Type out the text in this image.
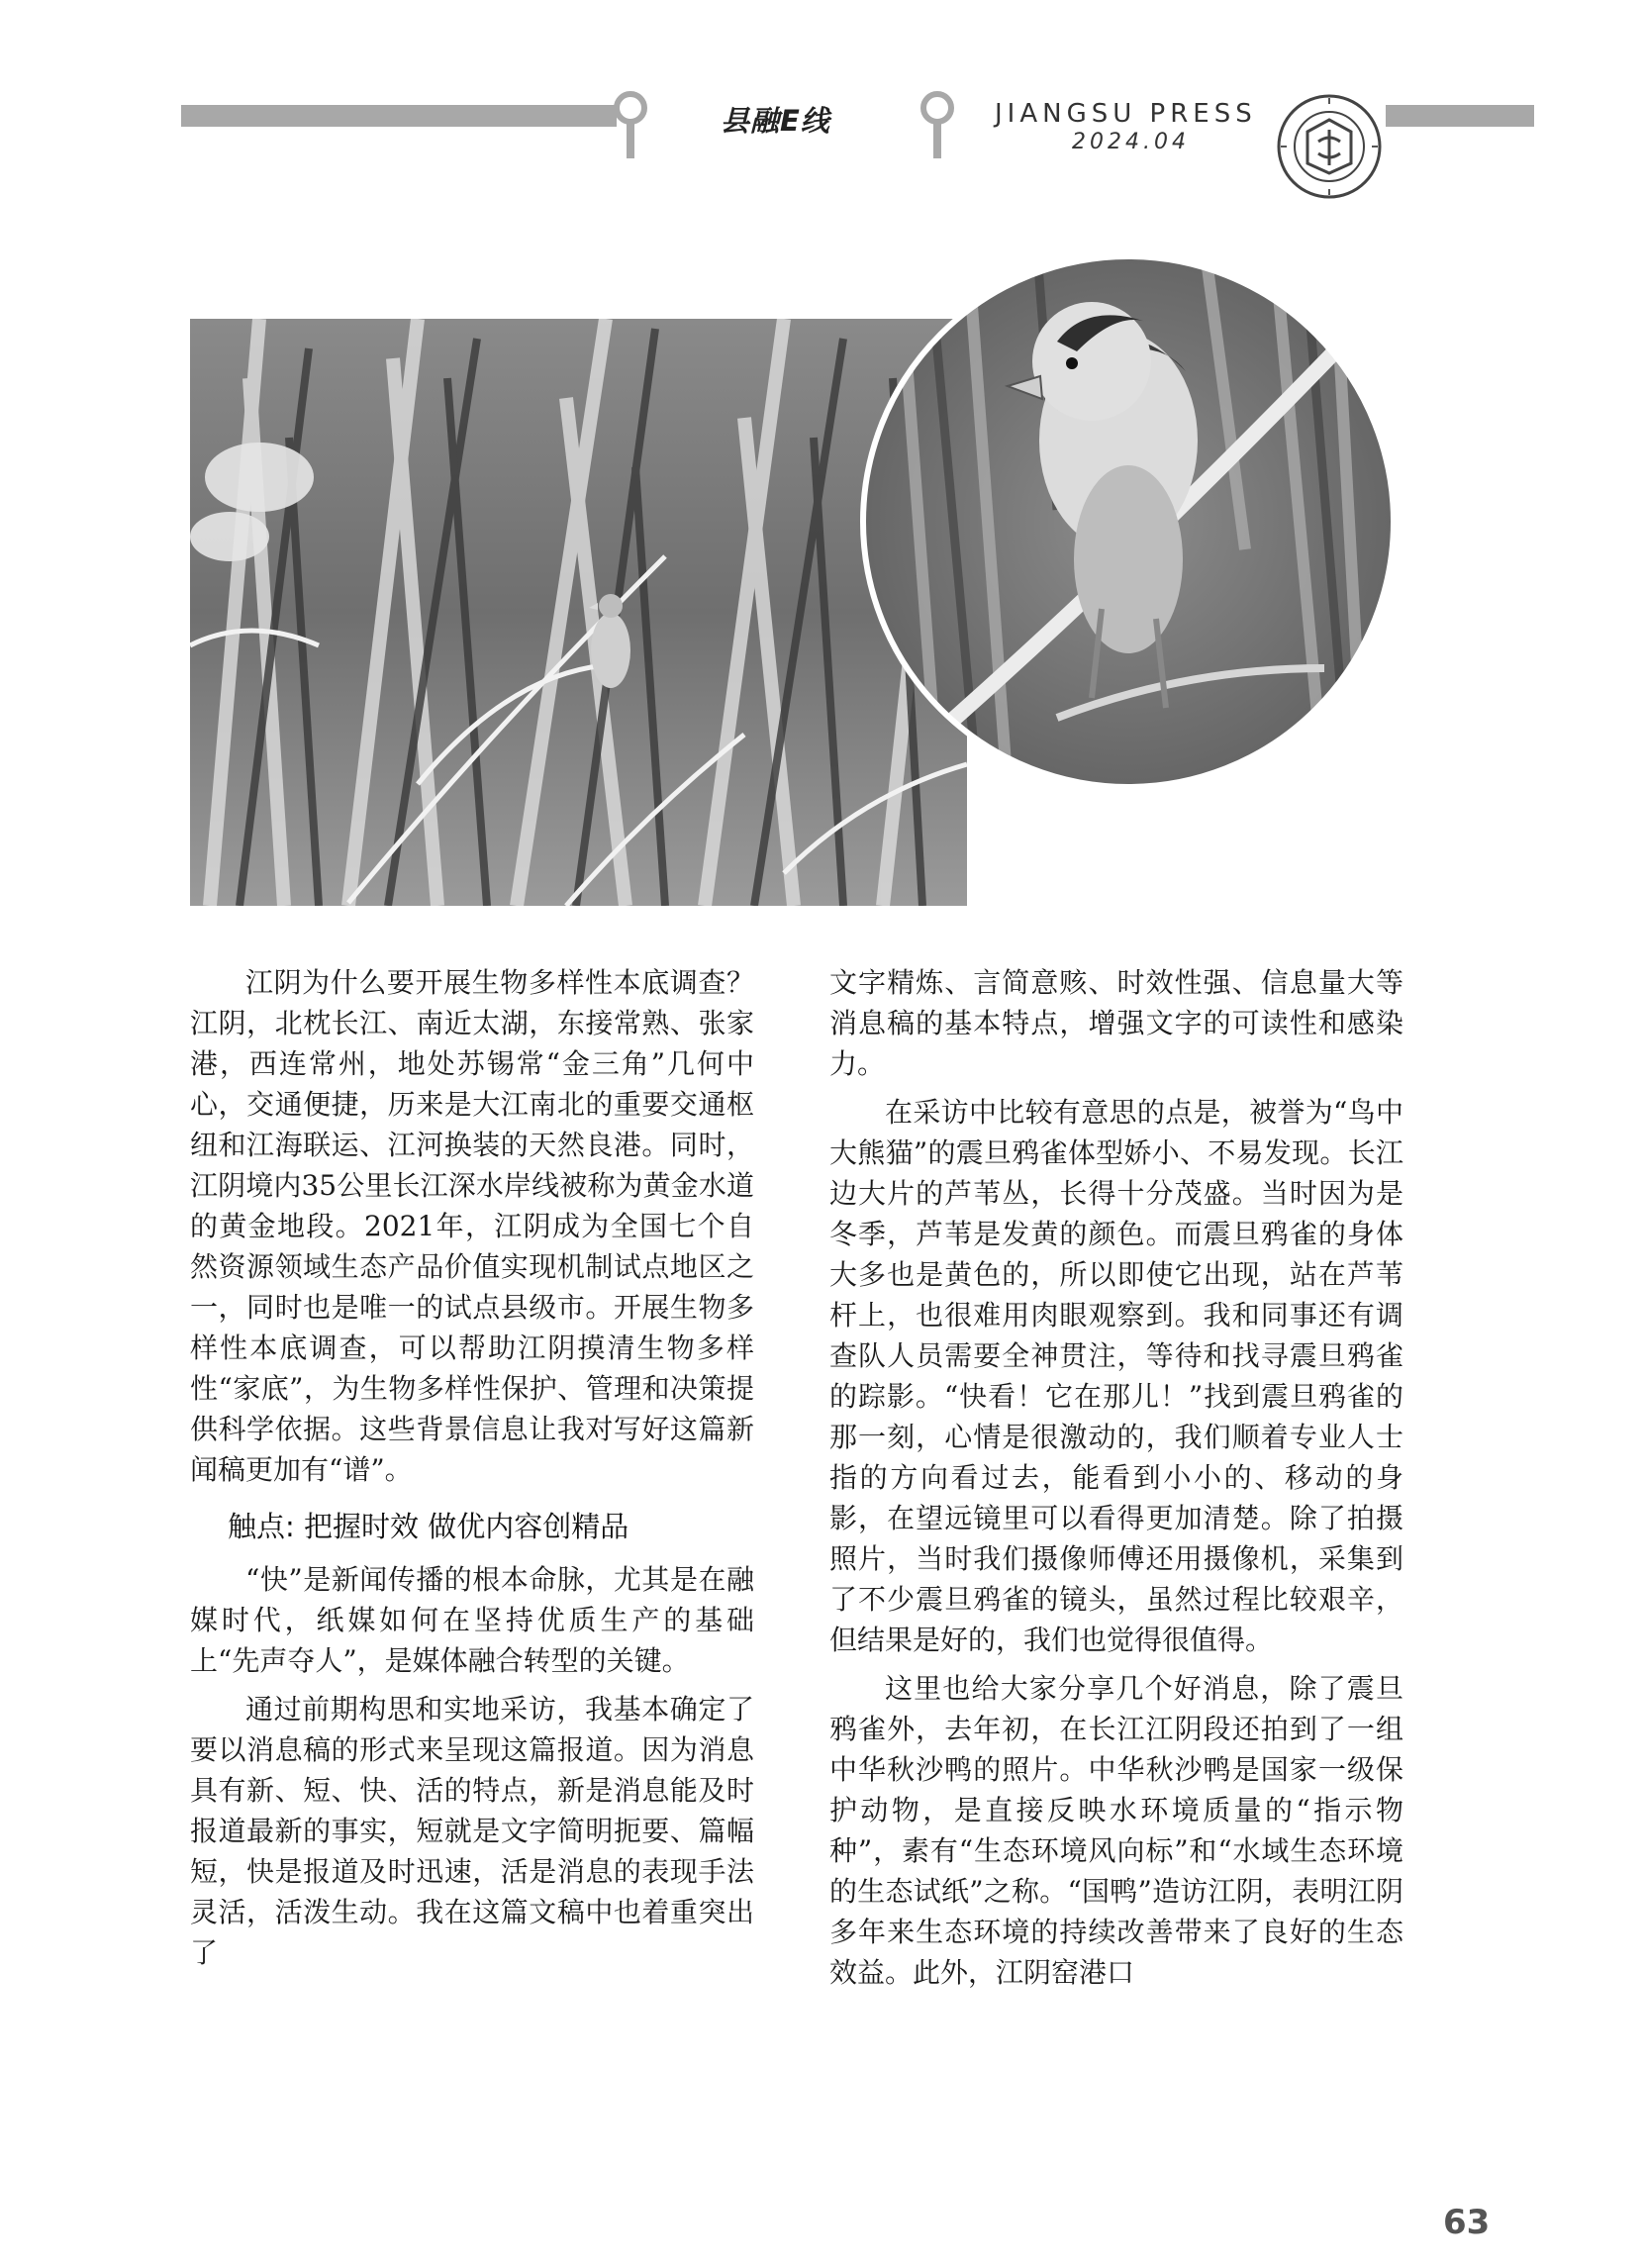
县融E线	JIANGSU PRESS
2024.04

江阴为什么要开展生物多样性本底调查？江阴，北枕长江、南近太湖，东接常熟、张家港，西连常州，地处苏锡常“金三角”几何中心，交通便捷，历来是大江南北的重要交通枢纽和江海联运、江河换装的天然良港。同时，江阴境内35公里长江深水岸线被称为黄金水道的黄金地段。2021年，江阴成为全国七个自然资源领域生态产品价值实现机制试点地区之一，同时也是唯一的试点县级市。开展生物多样性本底调查，可以帮助江阴摸清生物多样性“家底”，为生物多样性保护、管理和决策提供科学依据。这些背景信息让我对写好这篇新闻稿更加有“谱”。

触点: 把握时效 做优内容创精品

“快”是新闻传播的根本命脉，尤其是在融媒时代，纸媒如何在坚持优质生产的基础上“先声夺人”，是媒体融合转型的关键。

通过前期构思和实地采访，我基本确定了要以消息稿的形式来呈现这篇报道。因为消息具有新、短、快、活的特点，新是消息能及时报道最新的事实，短就是文字简明扼要、篇幅短，快是报道及时迅速，活是消息的表现手法灵活，活泼生动。我在这篇文稿中也着重突出了

文字精炼、言简意赅、时效性强、信息量大等消息稿的基本特点，增强文字的可读性和感染力。

在采访中比较有意思的点是，被誉为“鸟中大熊猫”的震旦鸦雀体型娇小、不易发现。长江边大片的芦苇丛，长得十分茂盛。当时因为是冬季，芦苇是发黄的颜色。而震旦鸦雀的身体大多也是黄色的，所以即使它出现，站在芦苇杆上，也很难用肉眼观察到。我和同事还有调查队人员需要全神贯注，等待和找寻震旦鸦雀的踪影。“快看！它在那儿！”找到震旦鸦雀的那一刻，心情是很激动的，我们顺着专业人士指的方向看过去，能看到小小的、移动的身影，在望远镜里可以看得更加清楚。除了拍摄照片，当时我们摄像师傅还用摄像机，采集到了不少震旦鸦雀的镜头，虽然过程比较艰辛，但结果是好的，我们也觉得很值得。

这里也给大家分享几个好消息，除了震旦鸦雀外，去年初，在长江江阴段还拍到了一组中华秋沙鸭的照片。中华秋沙鸭是国家一级保护动物，是直接反映水环境质量的“指示物种”，素有“生态环境风向标”和“水域生态环境的生态试纸”之称。“国鸭”造访江阴，表明江阴多年来生态环境的持续改善带来了良好的生态效益。此外，江阴窑港口

63
